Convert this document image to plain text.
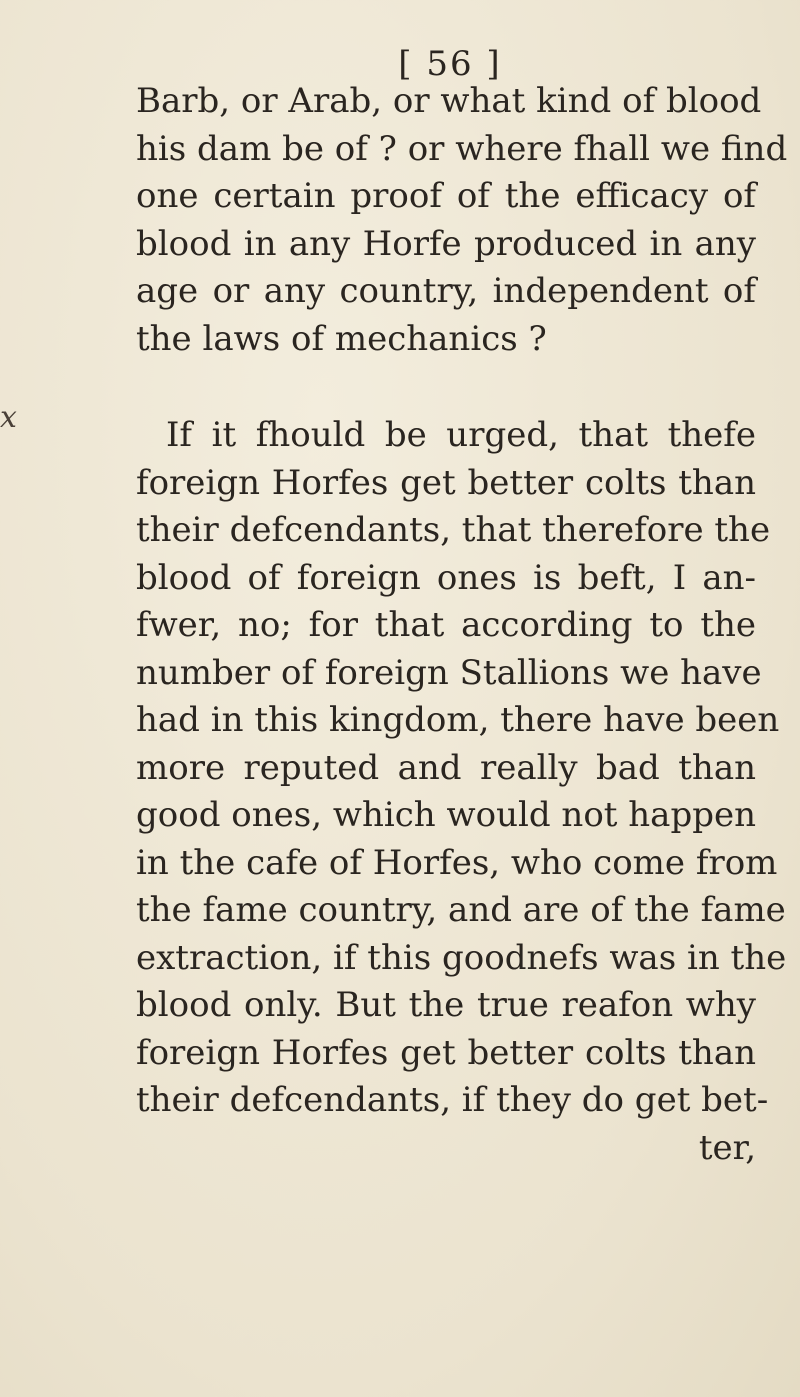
[ 56 ]
x
Barb, or Arab, or what kind of blood
his dam be of ? or where fhall we find
one certain proof of the efficacy of
blood in any Horfe produced in any
age or any country, independent of
the laws of mechanics ?
If it fhould be urged, that thefe
foreign Horfes get better colts than
their defcendants, that therefore the
blood of foreign ones is beft, I an-
fwer, no; for that according to the
number of foreign Stallions we have
had in this kingdom, there have been
more reputed and really bad than
good ones, which would not happen
in the cafe of Horfes, who come from
the fame country, and are of the fame
extraction, if this goodnefs was in the
blood only. But the true reafon why
foreign Horfes get better colts than
their defcendants, if they do get bet-
ter,
